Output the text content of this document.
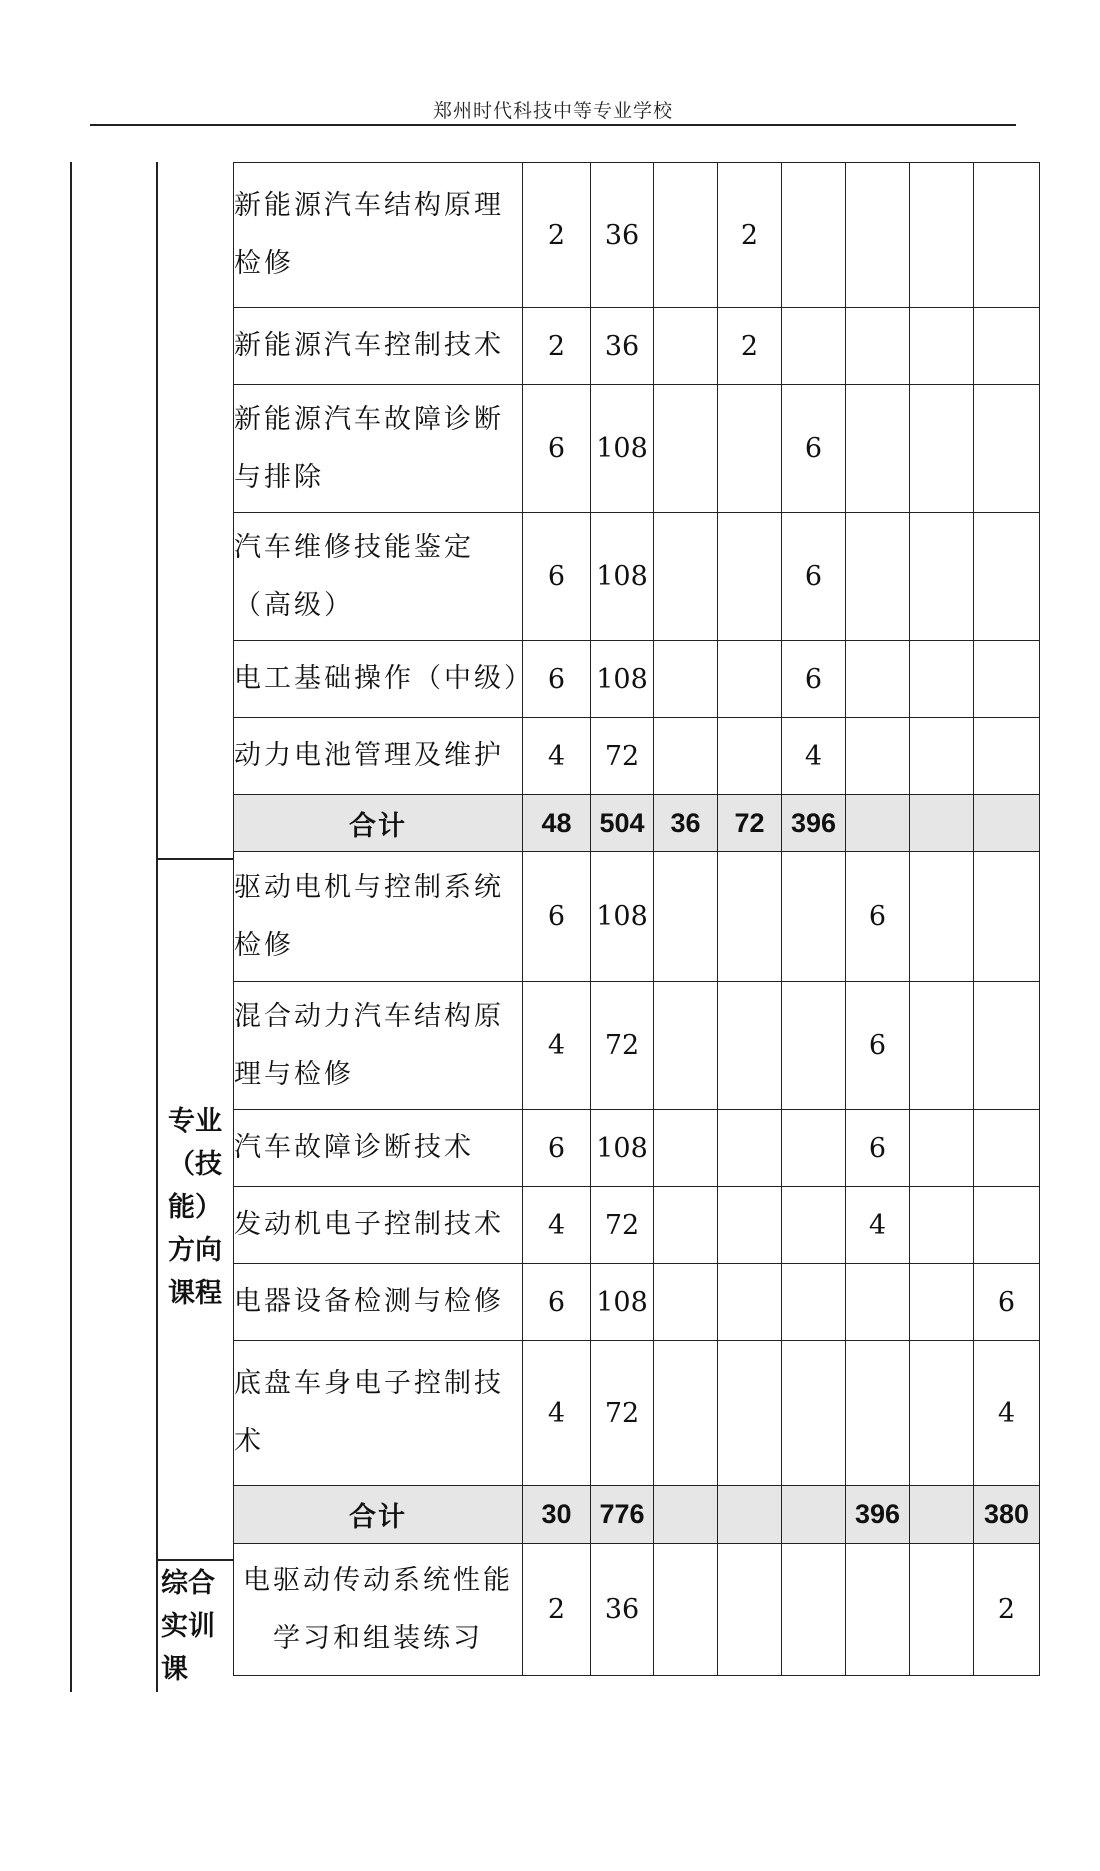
郑州时代科技中等专业学校
专业
（技
能）
方向
课程
综合
实训
课
新能源汽车结构原理检修	2	36		2				
新能源汽车控制技术	2	36		2				
新能源汽车故障诊断与排除	6	108			6			
汽车维修技能鉴定（高级）	6	108			6			
电工基础操作（中级）	6	108			6			
动力电池管理及维护	4	72			4			
合计	48	504	36	72	396			
驱动电机与控制系统检修	6	108				6		
混合动力汽车结构原理与检修	4	72				6		
汽车故障诊断技术	6	108				6		
发动机电子控制技术	4	72				4		
电器设备检测与检修	6	108						6
底盘车身电子控制技术	4	72						4
合计	30	776				396		380
电驱动传动系统性能学习和组装练习	2	36						2
